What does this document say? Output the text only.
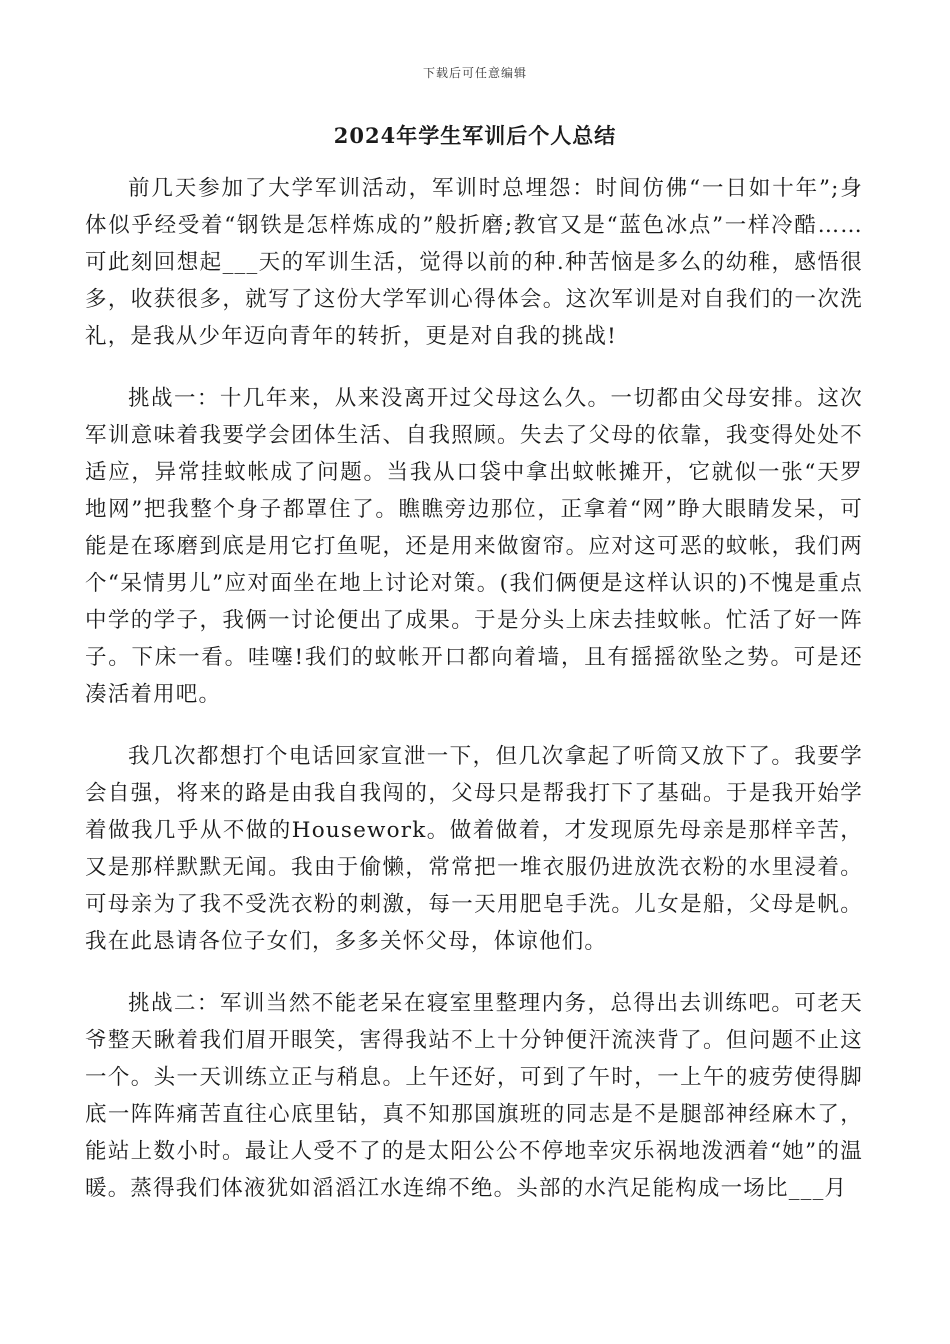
下载后可任意编辑
2024年学生军训后个人总结

前几天参加了大学军训活动，军训时总埋怨：时间仿佛“一日如十年”;身体似乎经受着“钢铁是怎样炼成的”般折磨;教官又是“蓝色冰点”一样冷酷……可此刻回想起___天的军训生活，觉得以前的种.种苦恼是多么的幼稚，感悟很多，收获很多，就写了这份大学军训心得体会。这次军训是对自我们的一次洗礼，是我从少年迈向青年的转折，更是对自我的挑战!

挑战一：十几年来，从来没离开过父母这么久。一切都由父母安排。这次军训意味着我要学会团体生活、自我照顾。失去了父母的依靠，我变得处处不适应，异常挂蚊帐成了问题。当我从口袋中拿出蚊帐摊开，它就似一张“天罗地网”把我整个身子都罩住了。瞧瞧旁边那位，正拿着“网”睁大眼睛发呆，可能是在琢磨到底是用它打鱼呢，还是用来做窗帘。应对这可恶的蚊帐，我们两个“呆情男儿”应对面坐在地上讨论对策。(我们俩便是这样认识的)不愧是重点中学的学子，我俩一讨论便出了成果。于是分头上床去挂蚊帐。忙活了好一阵子。下床一看。哇噻!我们的蚊帐开口都向着墙，且有摇摇欲坠之势。可是还凑活着用吧。

我几次都想打个电话回家宣泄一下，但几次拿起了听筒又放下了。我要学会自强，将来的路是由我自我闯的，父母只是帮我打下了基础。于是我开始学着做我几乎从不做的Housework。做着做着，才发现原先母亲是那样辛苦，又是那样默默无闻。我由于偷懒，常常把一堆衣服仍进放洗衣粉的水里浸着。可母亲为了我不受洗衣粉的刺激，每一天用肥皂手洗。儿女是船，父母是帆。我在此恳请各位子女们，多多关怀父母，体谅他们。

挑战二：军训当然不能老呆在寝室里整理内务，总得出去训练吧。可老天爷整天瞅着我们眉开眼笑，害得我站不上十分钟便汗流浃背了。但问题不止这一个。头一天训练立正与稍息。上午还好，可到了午时，一上午的疲劳使得脚底一阵阵痛苦直往心底里钻，真不知那国旗班的同志是不是腿部神经麻木了，能站上数小时。最让人受不了的是太阳公公不停地幸灾乐祸地泼洒着“她”的温暖。蒸得我们体液犹如滔滔江水连绵不绝。头部的水汽足能构成一场比___月
